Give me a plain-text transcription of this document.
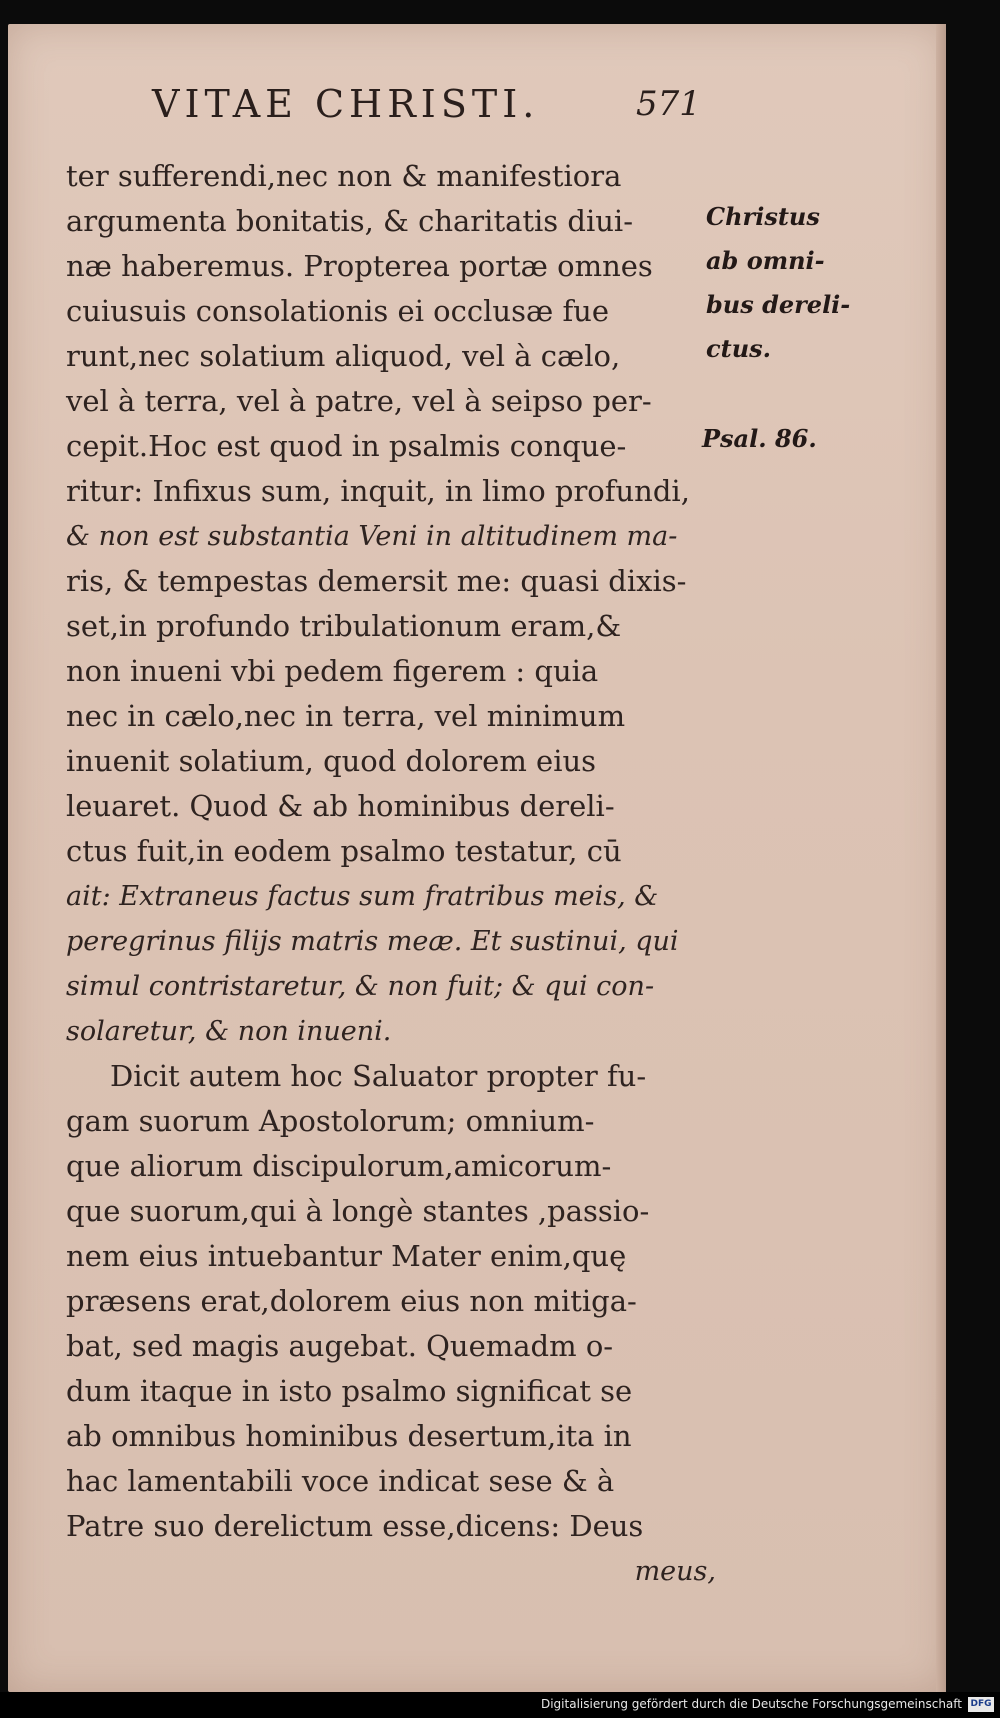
VITAE CHRISTI.	571
ter sufferendi,nec non & manifestiora
argumenta bonitatis, & charitatis diui-
næ haberemus. Propterea portæ omnes
cuiusuis consolationis ei occlusæ fue
runt,nec solatium aliquod, vel à cælo,
vel à terra, vel à patre, vel à seipso per-
cepit.Hoc est quod in psalmis conque-
ritur: Infixus sum, inquit, in limo profundi,
& non est substantia Veni in altitudinem ma-
ris, & tempestas demersit me: quasi dixis-
set,in profundo tribulationum eram,&
non inueni vbi pedem figerem : quia
nec in cælo,nec in terra, vel minimum
inuenit solatium, quod dolorem eius
leuaret. Quod & ab hominibus dereli-
ctus fuit,in eodem psalmo testatur, cū
ait: Extraneus factus sum fratribus meis, &
peregrinus filijs matris meæ. Et sustinui, qui
simul contristaretur, & non fuit; & qui con-
solaretur, & non inueni.
Dicit autem hoc Saluator propter fu-
gam suorum Apostolorum; omnium-
que aliorum discipulorum,amicorum-
que suorum,qui à longè stantes ,passio-
nem eius intuebantur Mater enim,quę
præsens erat,dolorem eius non mitiga-
bat, sed magis augebat. Quemadm o-
dum itaque in isto psalmo significat se
ab omnibus hominibus desertum,ita in
hac lamentabili voce indicat sese & à
Patre suo derelictum esse,dicens: Deus
meus,
Christus
ab omni-
bus dereli-
ctus.
Psal. 86.
Digitalisierung gefördert durch die Deutsche Forschungsgemeinschaft DFG
